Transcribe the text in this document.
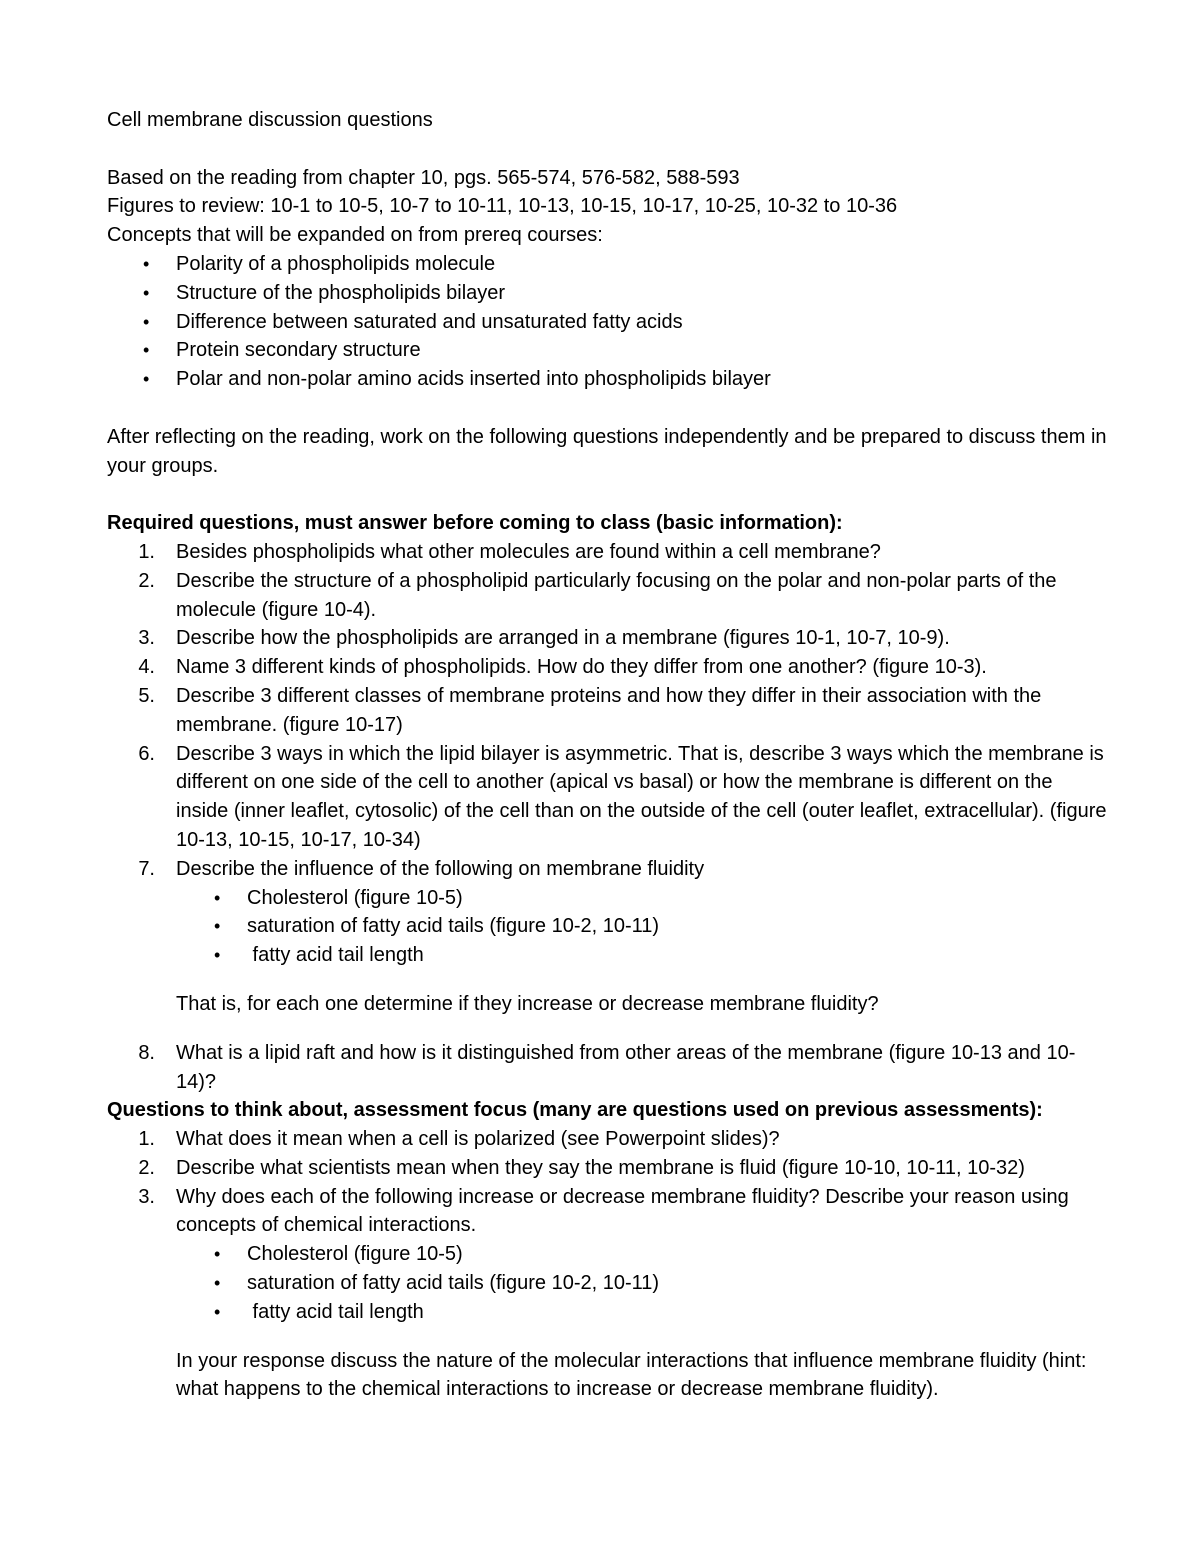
Cell membrane discussion questions

Based on the reading from chapter 10, pgs. 565-574, 576-582, 588-593

Figures to review: 10-1 to 10-5, 10-7 to 10-11, 10-13, 10-15, 10-17, 10-25, 10-32 to 10-36

Concepts that will be expanded on from prereq courses:

• Polarity of a phospholipids molecule
• Structure of the phospholipids bilayer
• Difference between saturated and unsaturated fatty acids
• Protein secondary structure
• Polar and non-polar amino acids inserted into phospholipids bilayer

After reflecting on the reading, work on the following questions independently and be prepared to discuss them in your groups.

Required questions, must answer before coming to class (basic information):

1. Besides phospholipids what other molecules are found within a cell membrane?
2. Describe the structure of a phospholipid particularly focusing on the polar and non-polar parts of the molecule (figure 10-4).
3. Describe how the phospholipids are arranged in a membrane (figures 10-1, 10-7, 10-9).
4. Name 3 different kinds of phospholipids. How do they differ from one another? (figure 10-3).
5. Describe 3 different classes of membrane proteins and how they differ in their association with the membrane. (figure 10-17)
6. Describe 3 ways in which the lipid bilayer is asymmetric. That is, describe 3 ways which the membrane is different on one side of the cell to another (apical vs basal) or how the membrane is different on the inside (inner leaflet, cytosolic) of the cell than on the outside of the cell (outer leaflet, extracellular). (figure 10-13, 10-15, 10-17, 10-34)
7. Describe the influence of the following on membrane fluidity
• Cholesterol (figure 10-5)
• saturation of fatty acid tails (figure 10-2, 10-11)
• fatty acid tail length

That is, for each one determine if they increase or decrease membrane fluidity?

8. What is a lipid raft and how is it distinguished from other areas of the membrane (figure 10-13 and 10-14)?

Questions to think about, assessment focus (many are questions used on previous assessments):

1. What does it mean when a cell is polarized (see Powerpoint slides)?
2. Describe what scientists mean when they say the membrane is fluid (figure 10-10, 10-11, 10-32)
3. Why does each of the following increase or decrease membrane fluidity? Describe your reason using concepts of chemical interactions.
• Cholesterol (figure 10-5)
• saturation of fatty acid tails (figure 10-2, 10-11)
• fatty acid tail length

In your response discuss the nature of the molecular interactions that influence membrane fluidity (hint: what happens to the chemical interactions to increase or decrease membrane fluidity).
